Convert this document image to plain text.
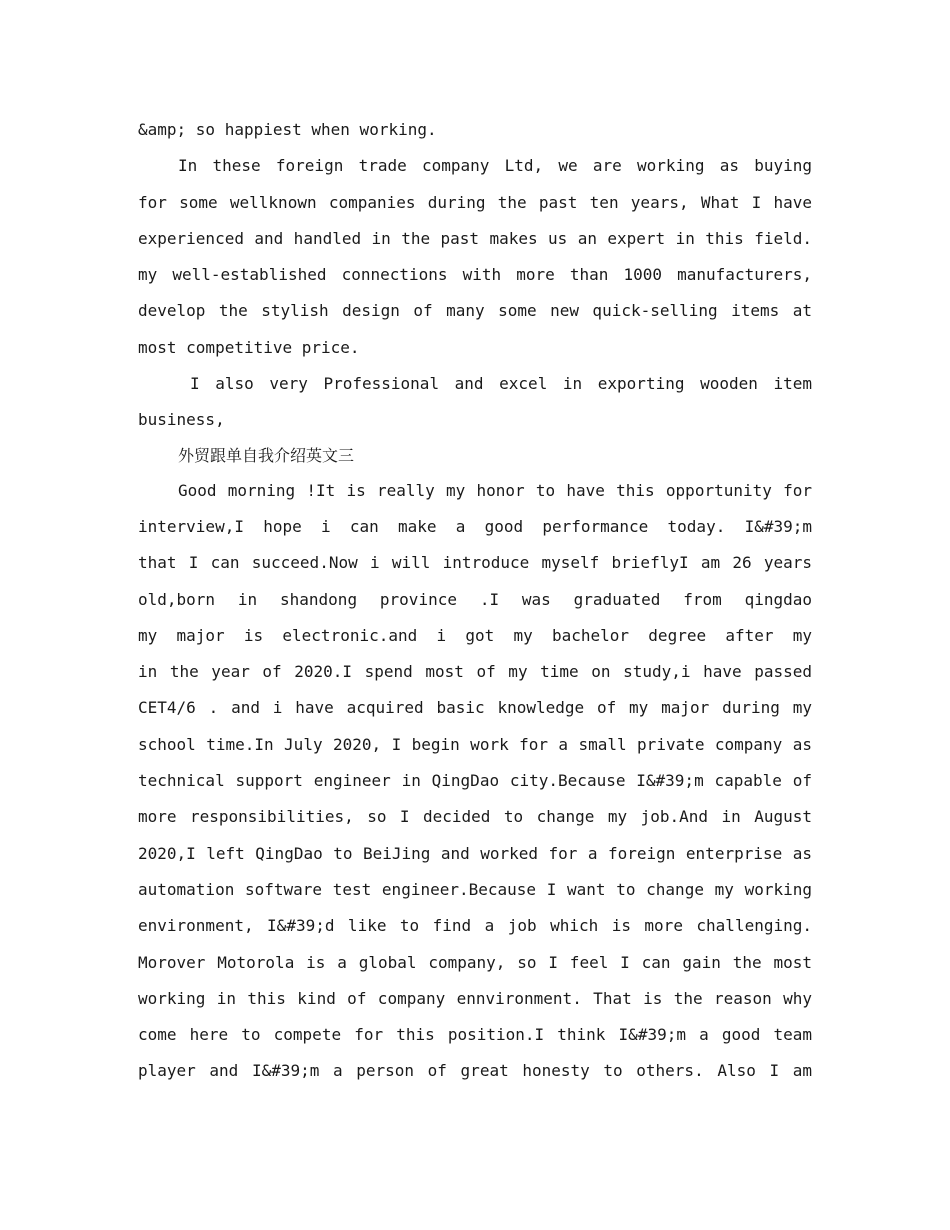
&amp; so happiest when working.
In these foreign trade company Ltd, we are working as buying
for some wellknown companies during the past ten years, What I have
experienced and handled in the past makes us an expert in this field.
my well-established connections with more than 1000 manufacturers,
develop the stylish design of many some new quick-selling items at
most competitive price.
I also very Professional and excel in exporting wooden item
business,
外贸跟单自我介绍英文三
Good morning !It is really my honor to have this opportunity for
interview,I hope i can make a good performance today. I&#39;m
that I can succeed.Now i will introduce myself brieflyI am 26 years
old,born in shandong province .I was graduated from qingdao
my major is electronic.and i got my bachelor degree after my
in the year of 2020.I spend most of my time on study,i have passed
CET4/6 . and i have acquired basic knowledge of my major during my
school time.In July 2020, I begin work for a small private company as
technical support engineer in QingDao city.Because I&#39;m capable of
more responsibilities, so I decided to change my job.And in August
2020,I left QingDao to BeiJing and worked for a foreign enterprise as
automation software test engineer.Because I want to change my working
environment, I&#39;d like to find a job which is more challenging.
Morover Motorola is a global company, so I feel I can gain the most
working in this kind of company ennvironment. That is the reason why
come here to compete for this position.I think I&#39;m a good team
player and I&#39;m a person of great honesty to others. Also I am
